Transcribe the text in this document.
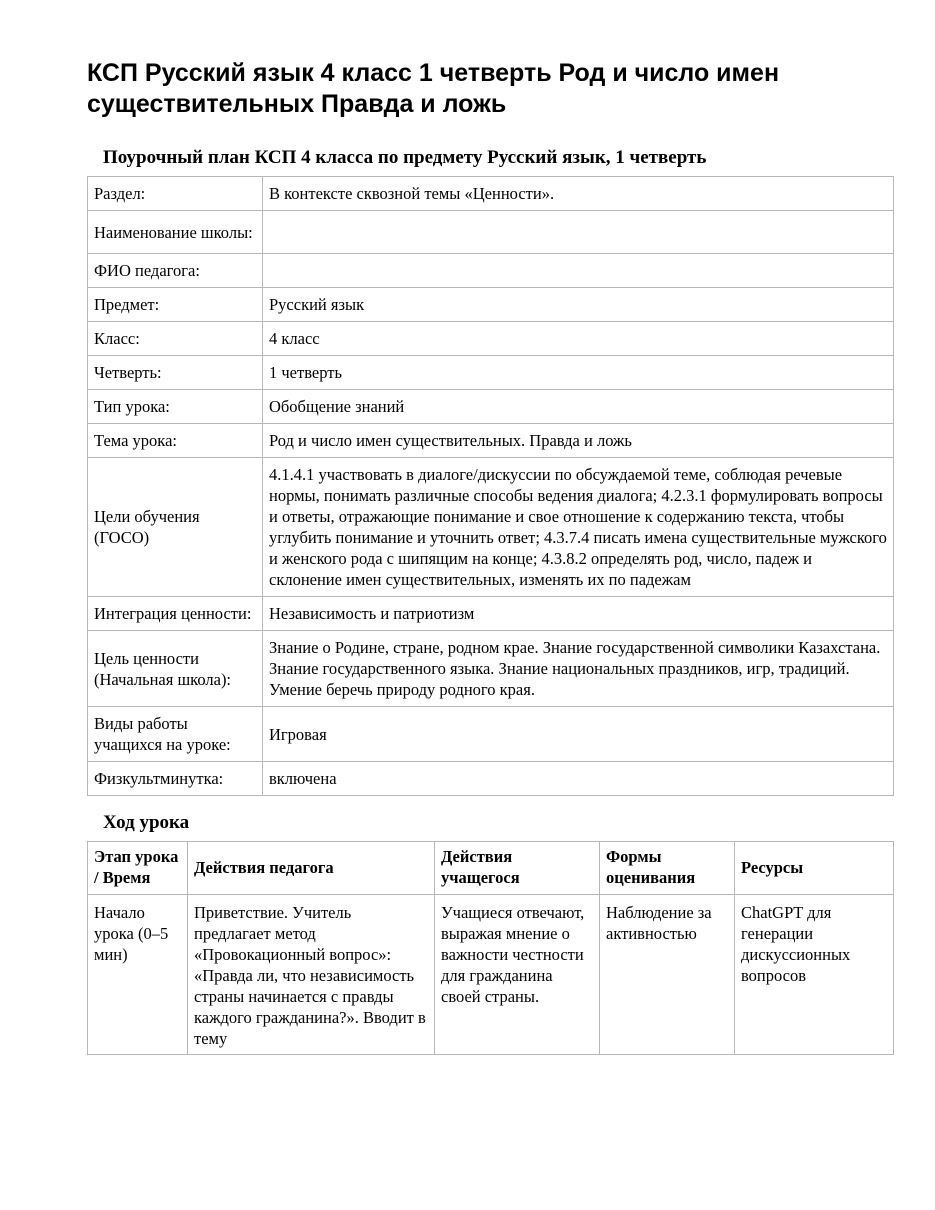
КСП Русский язык 4 класс 1 четверть Род и число имен существительных Правда и ложь
Поурочный план КСП 4 класса по предмету Русский язык, 1 четверть
Раздел:	В контексте сквозной темы «Ценности».
Наименование школы:	
ФИО педагога:	
Предмет:	Русский язык
Класс:	4 класс
Четверть:	1 четверть
Тип урока:	Обобщение знаний
Тема урока:	Род и число имен существительных. Правда и ложь
Цели обучения (ГОСО)	4.1.4.1 участвовать в диалоге/дискуссии по обсуждаемой теме, соблюдая речевые нормы, понимать различные способы ведения диалога; 4.2.3.1 формулировать вопросы и ответы, отражающие понимание и свое отношение к содержанию текста, чтобы углубить понимание и уточнить ответ; 4.3.7.4 писать имена существительные мужского и женского рода с шипящим на конце; 4.3.8.2 определять род, число, падеж и склонение имен существительных, изменять их по падежам
Интеграция ценности:	Независимость и патриотизм
Цель ценности (Начальная школа):	Знание о Родине, стране, родном крае. Знание государственной символики Казахстана. Знание государственного языка. Знание национальных праздников, игр, традиций. Умение беречь природу родного края.
Виды работы учащихся на уроке:	Игровая
Физкультминутка:	включена
Ход урока
Этап урока / Время	Действия педагога	Действия учащегося	Формы оценивания	Ресурсы
Начало урока (0–5 мин)	Приветствие. Учитель предлагает метод «Провокационный вопрос»: «Правда ли, что независимость страны начинается с правды каждого гражданина?». Вводит в тему	Учащиеся отвечают, выражая мнение о важности честности для гражданина своей страны.	Наблюдение за активностью	ChatGPT для генерации дискуссионных вопросов
